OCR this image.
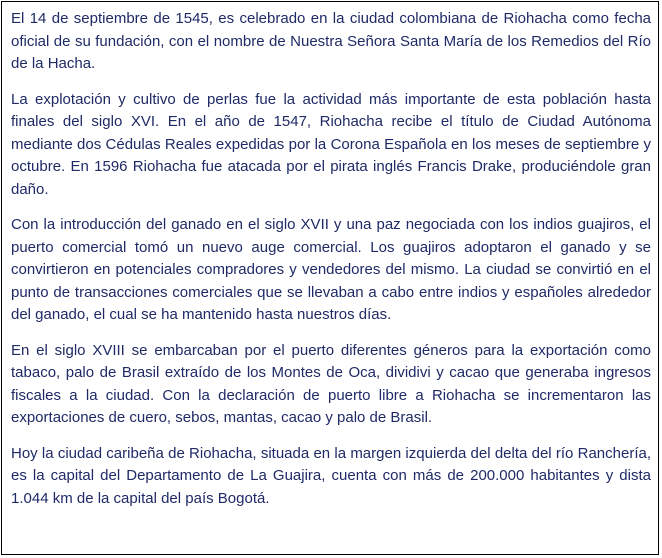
El 14 de septiembre de 1545, es celebrado en la ciudad colombiana de Riohacha como fecha oficial de su fundación, con el nombre de Nuestra Señora Santa María de los Remedios del Río de la Hacha.

La explotación y cultivo de perlas fue la actividad más importante de esta población hasta finales del siglo XVI. En el año de 1547, Riohacha recibe el título de Ciudad Autónoma mediante dos Cédulas Reales expedidas por la Corona Española en los meses de septiembre y octubre. En 1596 Riohacha fue atacada por el pirata inglés Francis Drake, produciéndole gran daño.

Con la introducción del ganado en el siglo XVII y una paz negociada con los indios guajiros, el puerto comercial tomó un nuevo auge comercial. Los guajiros adoptaron el ganado y se convirtieron en potenciales compradores y vendedores del mismo. La ciudad se convirtió en el punto de transacciones comerciales que se llevaban a cabo entre indios y españoles alrededor del ganado, el cual se ha mantenido hasta nuestros días.

En el siglo XVIII se embarcaban por el puerto diferentes géneros para la exportación como tabaco, palo de Brasil extraído de los Montes de Oca, dividivi y cacao que generaba ingresos fiscales a la ciudad. Con la declaración de puerto libre a Riohacha se incrementaron las exportaciones de cuero, sebos, mantas, cacao y palo de Brasil.

Hoy la ciudad caribeña de Riohacha, situada en la margen izquierda del delta del río Ranchería, es la capital del Departamento de La Guajira, cuenta con más de 200.000 habitantes y dista 1.044 km de la capital del país Bogotá.
